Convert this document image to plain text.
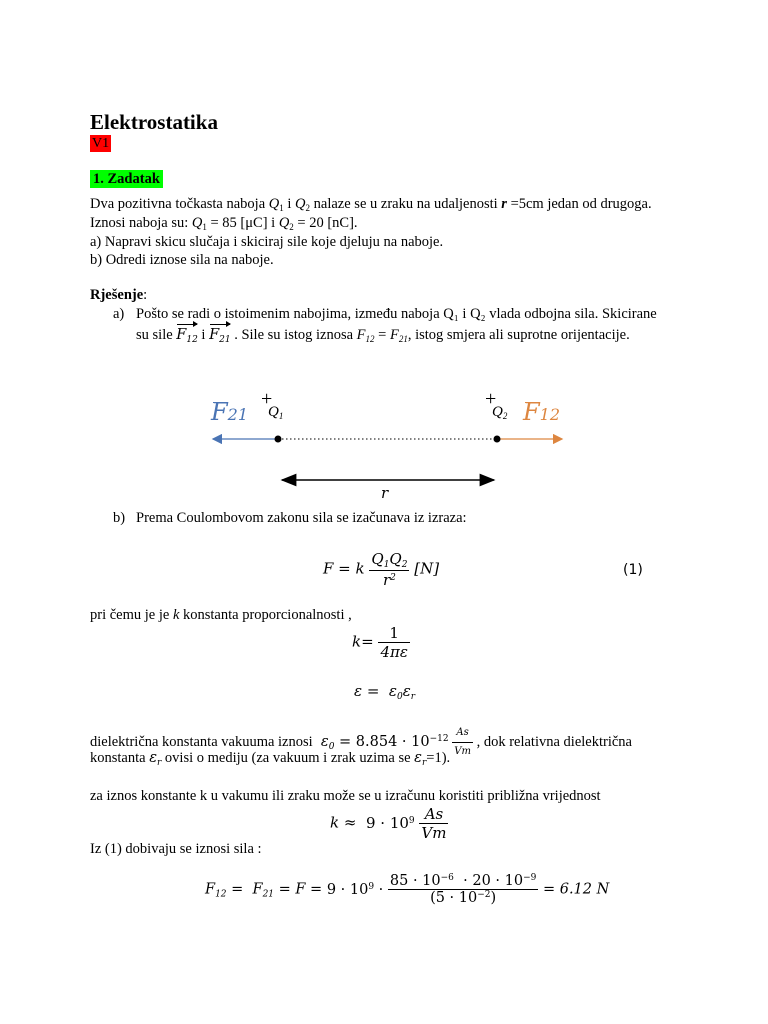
Elektrostatika
V1
1. Zadatak
Dva pozitivna točkasta naboja $Q_1$ i $Q_2$ nalaze se u zraku na udaljenosti r =5cm jedan od drugoga.
Iznosi naboja su: $Q_1 = 85$ [μC] i $Q_2 = 20$ [nC].
a) Napravi skicu slučaja i skiciraj sile koje djeluju na naboje.
b) Odredi iznose sila na naboje.
Rješenje:
a) Pošto se radi o istoimenim nabojima, između naboja Q₁ i Q₂ vlada odbojna sila. Skicirane
su sile $F_{12}$ i $F_{21}$ . Sile su istog iznosa $F_{12} = F_{21}$, istog smjera ali suprotne orijentacije.
F21	F12
+
$Q_1$
+
$Q_2$
r
b) Prema Coulombovom zakonu sila se izačunava iz izraza:
F = k $\frac{Q_1Q_2}{r^2} [N]$	(1)
pri čemu je je k konstanta proporcionalnosti ,
$k= \frac{1}{4\pi\varepsilon}$
$\varepsilon = \varepsilon_0\varepsilon_r$
dielektrična konstanta vakuuma iznosi  $\varepsilon_0 = 8.854 \cdot 10^{-12} \frac{As}{Vm}$ , dok relativna dielektrična
konstanta $\varepsilon_r$ ovisi o mediju (za vakuum i zrak uzima se $\varepsilon_r=1$).
za iznos konstante k u vakumu ili zraku može se u izračunu koristiti približna vrijednost
$k \approx 9 \cdot 10^9 \frac{As}{Vm}$
Iz (1) dobivaju se iznosi sila :
$F_{12} = F_{21} = F = 9 \cdot 10^9 \cdot \frac{85 \cdot 10^{-6} \cdot 20 \cdot 10^{-9}}{(5 \cdot 10^{-2})} = 6.12$ N
